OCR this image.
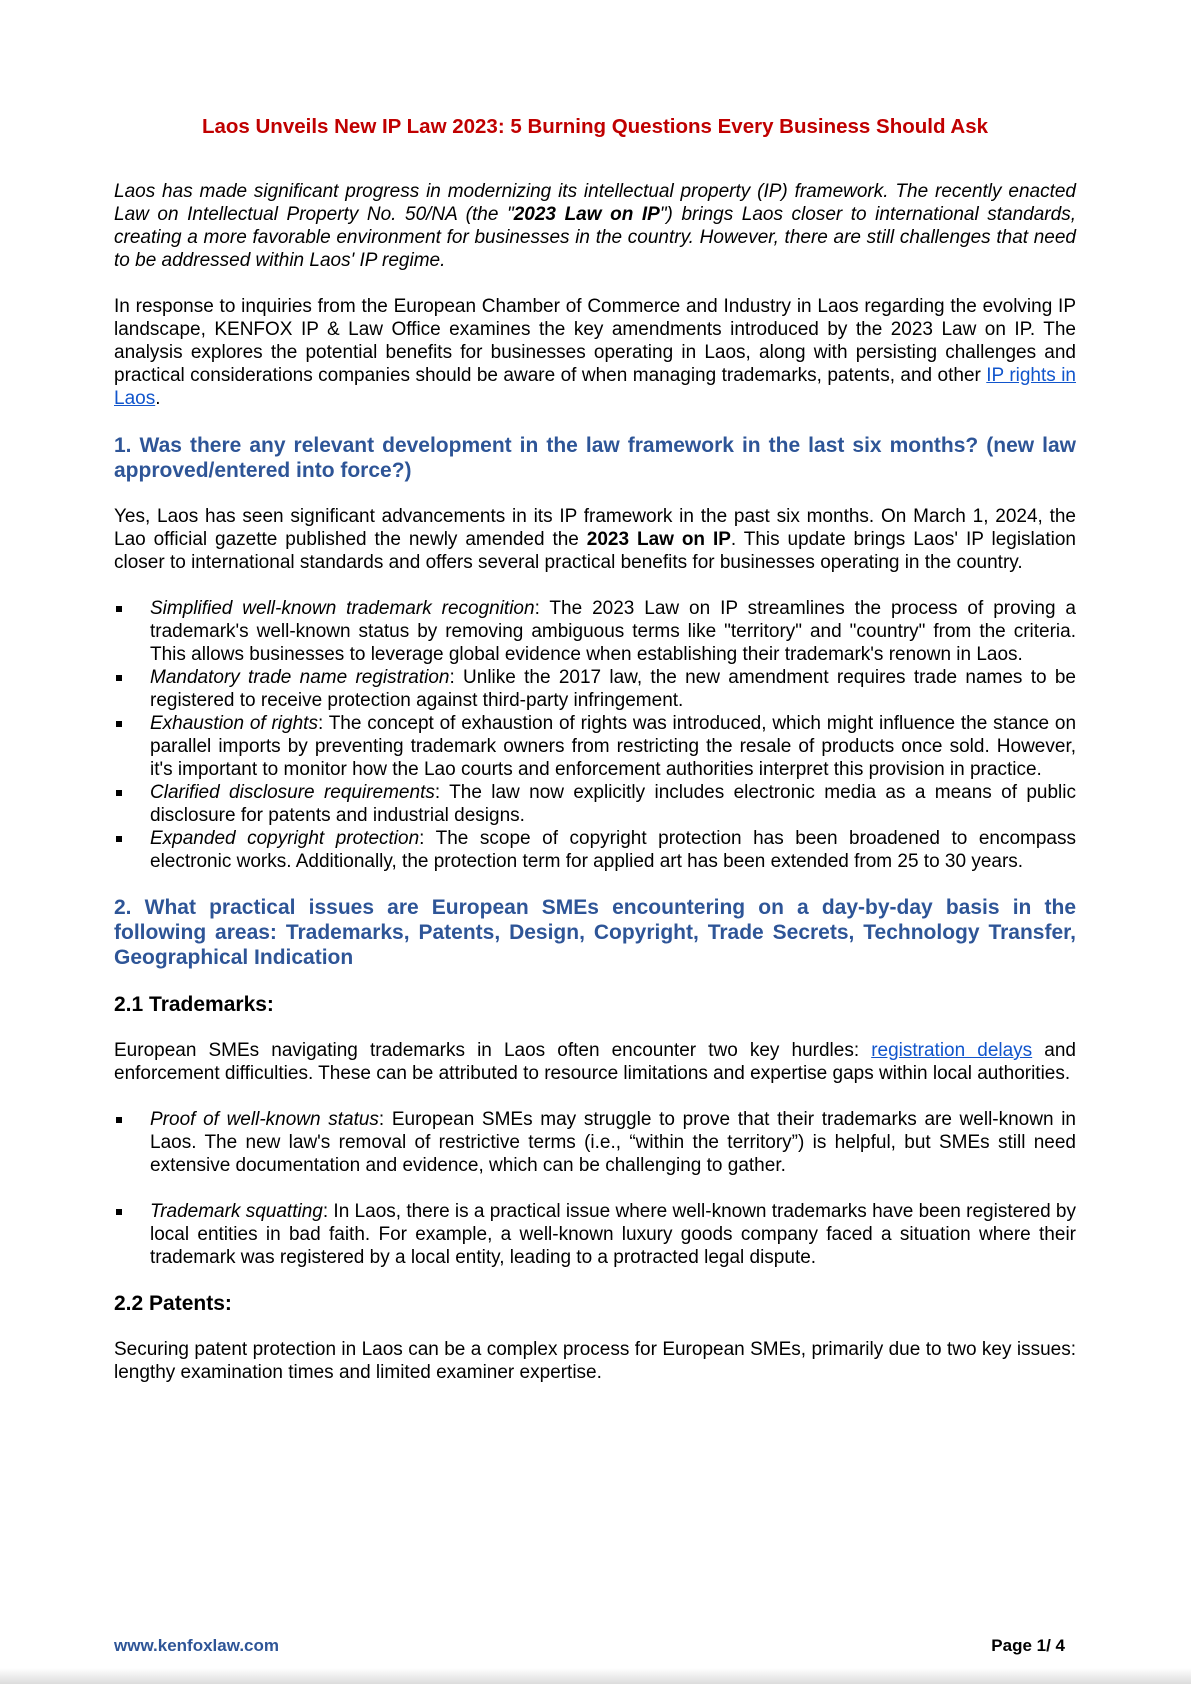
Laos Unveils New IP Law 2023: 5 Burning Questions Every Business Should Ask

Laos has made significant progress in modernizing its intellectual property (IP) framework. The recently enacted Law on Intellectual Property No. 50/NA (the "2023 Law on IP") brings Laos closer to international standards, creating a more favorable environment for businesses in the country. However, there are still challenges that need to be addressed within Laos' IP regime.

In response to inquiries from the European Chamber of Commerce and Industry in Laos regarding the evolving IP landscape, KENFOX IP & Law Office examines the key amendments introduced by the 2023 Law on IP. The analysis explores the potential benefits for businesses operating in Laos, along with persisting challenges and practical considerations companies should be aware of when managing trademarks, patents, and other IP rights in Laos.

1. Was there any relevant development in the law framework in the last six months? (new law approved/entered into force?)

Yes, Laos has seen significant advancements in its IP framework in the past six months. On March 1, 2024, the Lao official gazette published the newly amended the 2023 Law on IP. This update brings Laos' IP legislation closer to international standards and offers several practical benefits for businesses operating in the country.

Simplified well-known trademark recognition: The 2023 Law on IP streamlines the process of proving a trademark's well-known status by removing ambiguous terms like "territory" and "country" from the criteria. This allows businesses to leverage global evidence when establishing their trademark's renown in Laos.
Mandatory trade name registration: Unlike the 2017 law, the new amendment requires trade names to be registered to receive protection against third-party infringement.
Exhaustion of rights: The concept of exhaustion of rights was introduced, which might influence the stance on parallel imports by preventing trademark owners from restricting the resale of products once sold. However, it's important to monitor how the Lao courts and enforcement authorities interpret this provision in practice.
Clarified disclosure requirements: The law now explicitly includes electronic media as a means of public disclosure for patents and industrial designs.
Expanded copyright protection: The scope of copyright protection has been broadened to encompass electronic works. Additionally, the protection term for applied art has been extended from 25 to 30 years.
2. What practical issues are European SMEs encountering on a day-by-day basis in the following areas: Trademarks, Patents, Design, Copyright, Trade Secrets, Technology Transfer, Geographical Indication
2.1 Trademarks:

European SMEs navigating trademarks in Laos often encounter two key hurdles: registration delays and enforcement difficulties. These can be attributed to resource limitations and expertise gaps within local authorities.

Proof of well-known status: European SMEs may struggle to prove that their trademarks are well-known in Laos. The new law's removal of restrictive terms (i.e., “within the territory”) is helpful, but SMEs still need extensive documentation and evidence, which can be challenging to gather.
Trademark squatting: In Laos, there is a practical issue where well-known trademarks have been registered by local entities in bad faith. For example, a well-known luxury goods company faced a situation where their trademark was registered by a local entity, leading to a protracted legal dispute.
2.2 Patents:

Securing patent protection in Laos can be a complex process for European SMEs, primarily due to two key issues: lengthy examination times and limited examiner expertise.

www.kenfoxlaw.com	Page 1/ 4
